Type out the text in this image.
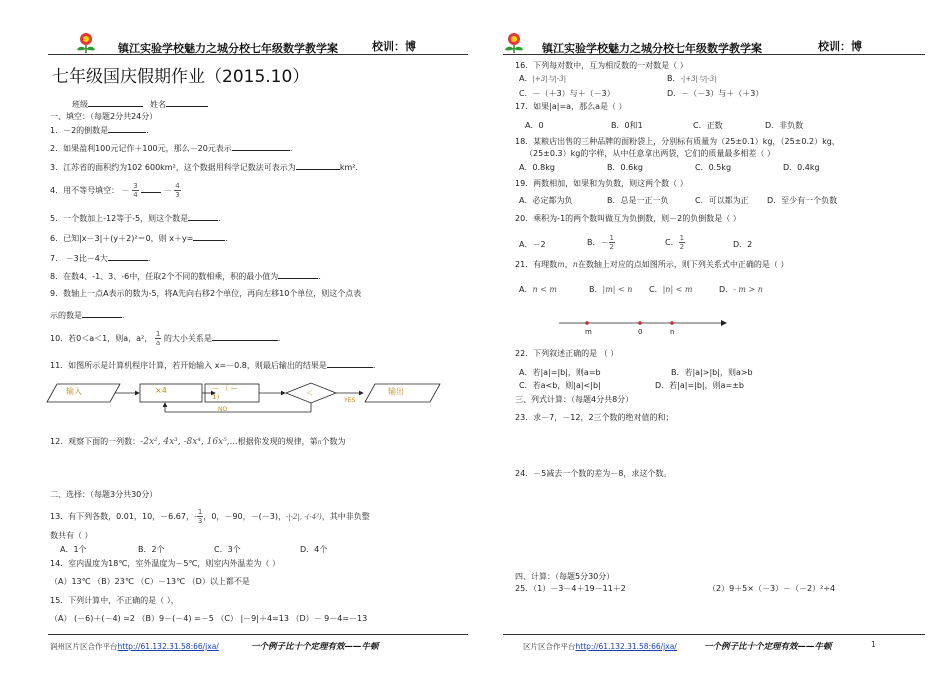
镇江实验学校魅力之城分校七年级数学教学案	校训：博
七年级国庆假期作业（2015.10）
班级	姓名
一、填空：（每题2分共24分）
1．－2的倒数是	.
2．如果盈利100元记作＋100元，那么－20元表示	.
3．江苏省的面积约为102 600km²，这个数据用科学记数法可表示为	km².
4．用不等号填空： － $\frac{3}{4}$	－ $\frac{4}{3}$
5．一个数加上-12等于-5，则这个数是	.
6．已知|x－3|＋(y＋2)²＝0，则 x＋y=	.
7． －3比－4大	.
8．在数4、-1、3、-6中，任取2个不同的数相乘，积的最小值为	.
9．数轴上一点A表示的数为-5，将A先向右移2个单位，再向左移10个单位，则这个点表
示的数是	.
10．若0＜a＜1，则a，a²， $\frac{1}{a}$ 的大小关系是	.
11．如图所示是计算机程序计算，若开始输入 x=－0.8，则最后输出的结果是	.
输入	×4	— （ —
1）	＜	输出
YES
NO
12．观察下面的一列数：-2x², 4x³, -8x⁴, 16x⁵,…根据你发现的规律，第n个数为
二、选择：（每题3分共30分）
13．有下列各数，0.01，10，－6.67，- $\frac{1}{3}$ ，0，－90，－(－3)，-|-2|, -(-4²)，其中非负整
数共有（ ）
A．1个	B．2个	C．3个	D．4个
14．室内温度为18℃，室外温度为－5℃，则室内外温差为（ ）
（A）13℃ （B）23℃ （C）－13℃ （D）以上都不是
15．下列计算中，不正确的是（ ），
（A） (－6)＋(－4) =2 （B）9－(－4) =－5 （C） |－9|＋4=13 （D）－ 9－4=－13
润州区片区合作平台http://61.132.31.58:66/jxa/	一个例子比十个定理有效——牛顿
镇江实验学校魅力之城分校七年级数学教学案	校训：博
16．下列每对数中，互为相反数的一对数是（ ）
A．|+3|与|-3|	B．-|+3|与|-3|
C．－（＋3）与＋（－3）	D．－（－3）与＋（＋3）
17．如果|a|=a，那么a是（ ）
A．0	B．0和1	C．正数	D．非负数
18．某粮店出售的三种品牌的面粉袋上，分别标有质量为（25±0.1）kg，（25±0.2）kg，
（25±0.3）kg的字样，从中任意拿出两袋，它们的质量最多相差（ ）
A．0.8kg	B．0.6kg	C．0.5kg	D．0.4kg
19．两数相加，如果和为负数，则这两个数（ ）
A．必定都为负	B．总是一正一负	C．可以都为正 D．至少有一个负数
20．乘积为-1的两个数叫做互为负倒数，则－2的负倒数是（ ）
A．－2	B．－ $\frac{1}{2}$	C． $\frac{1}{2}$	D．2
21．有理数m，n在数轴上对应的点如图所示，则下列关系式中正确的是（ ）
A．n < m	B．|m| < n C．|n| < m	D．- m > n
m	0	n
22．下列叙述正确的是 （ ）
A．若|a|=|b|，则a=b	B．若|a|>|b|，则a>b
C．若a<b，则|a|<|b|	D．若|a|=|b|，则a=±b
三、列式计算：（每题4分共8分）
23．求－7，－12，2三个数的绝对值的和；
24．－5减去一个数的差为－8，求这个数。
四、计算：（每题5分30分）
25．（1）－3－4＋19－11＋2	（2）9＋5×（－3）－（－2）²÷4
区片区合作平台http://61.132.31.58:66/jxa/	一个例子比十个定理有效——牛顿	1
